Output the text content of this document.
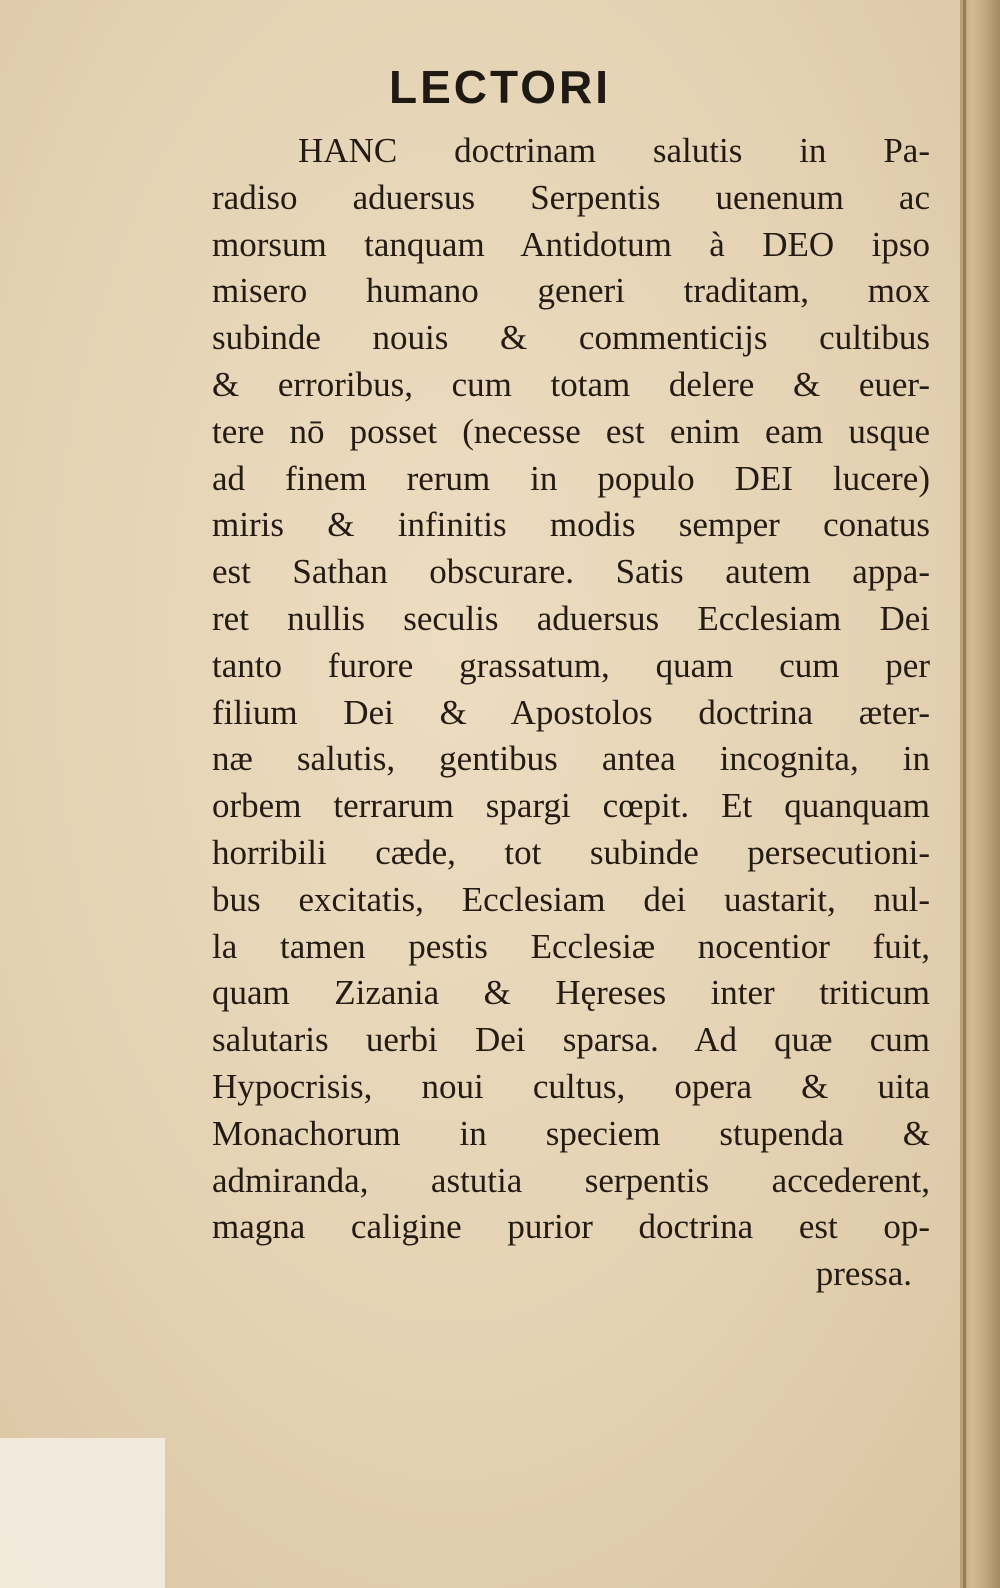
LECTORI
HANC doctrinam salutis in Pa-
radiso aduersus Serpentis uenenum ac
morsum tanquam Antidotum à DEO ipso
misero humano generi traditam, mox
subinde nouis & commenticijs cultibus
& erroribus, cum totam delere & euer-
tere nō posset (necesse est enim eam usque
ad finem rerum in populo DEI lucere)
miris & infinitis modis semper conatus
est Sathan obscurare. Satis autem appa-
ret nullis seculis aduersus Ecclesiam Dei
tanto furore grassatum, quam cum per
filium Dei & Apostolos doctrina æter-
næ salutis, gentibus antea incognita, in
orbem terrarum spargi cœpit. Et quanquam
horribili cæde, tot subinde persecutioni-
bus excitatis, Ecclesiam dei uastarit, nul-
la tamen pestis Ecclesiæ nocentior fuit,
quam Zizania & Hęreses inter triticum
salutaris uerbi Dei sparsa. Ad quæ cum
Hypocrisis, noui cultus, opera & uita
Monachorum in speciem stupenda &
admiranda, astutia serpentis accederent,
magna caligine purior doctrina est op-
pressa.
